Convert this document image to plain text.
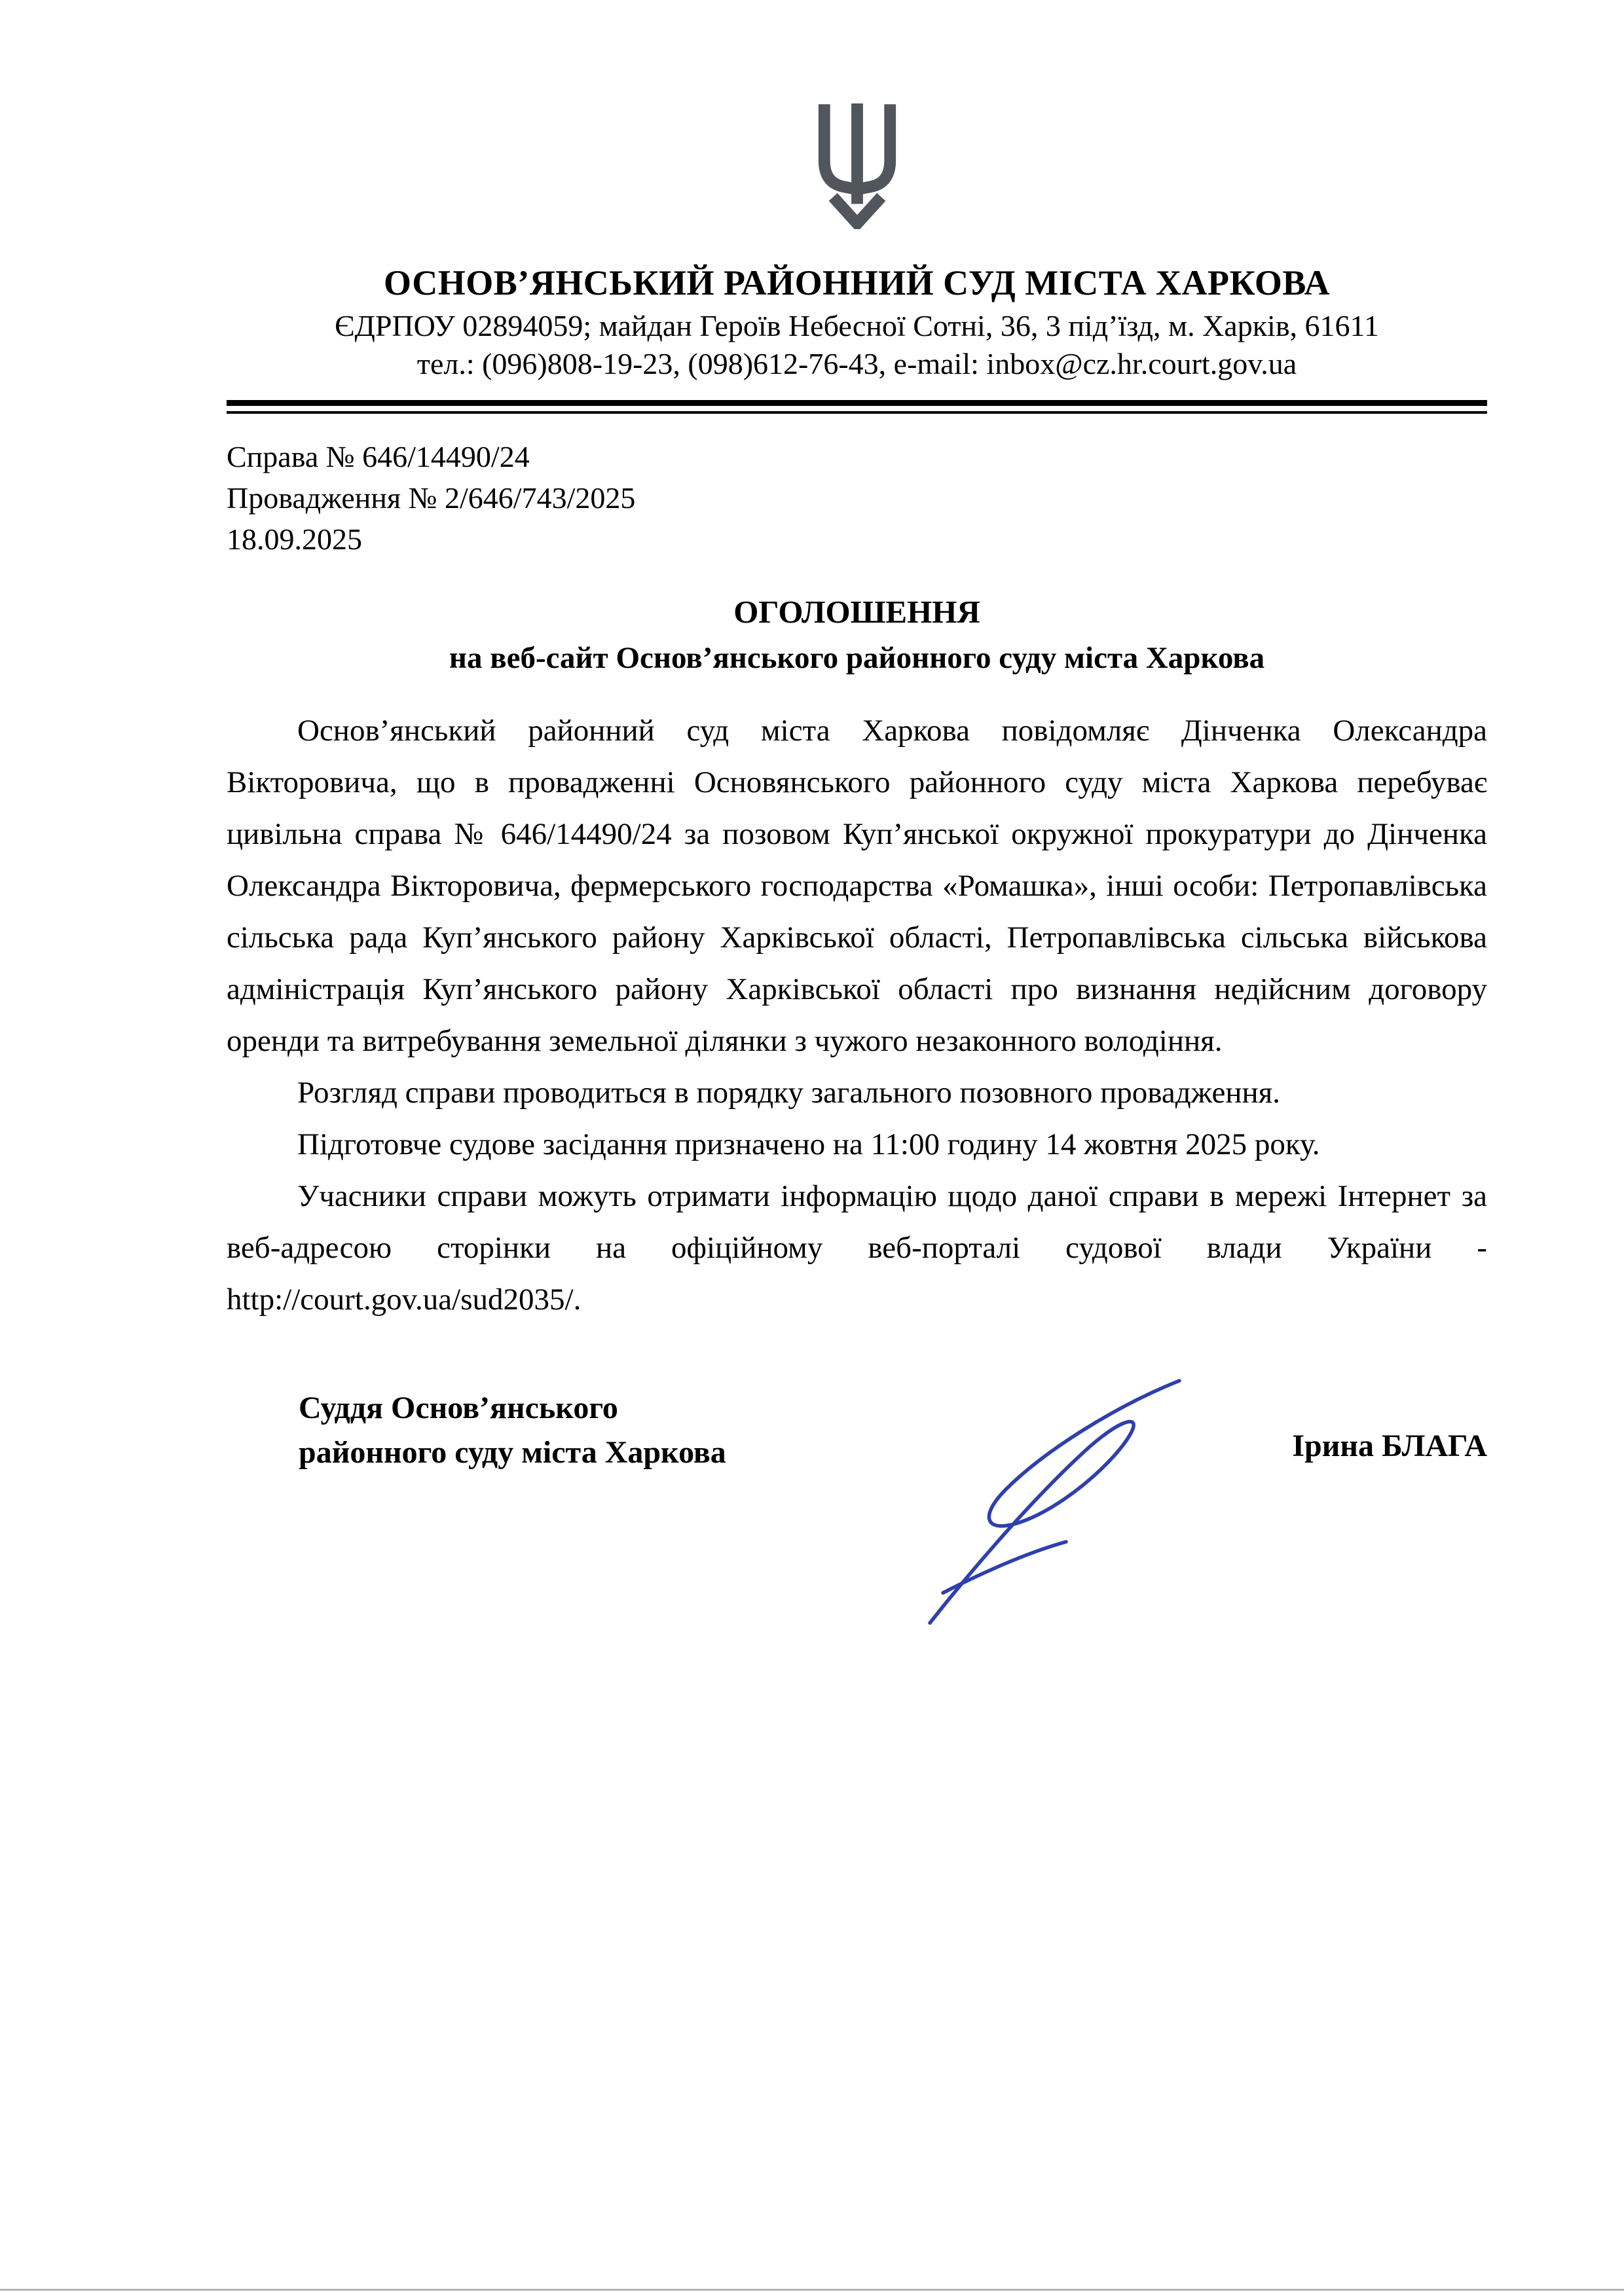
ОСНОВ’ЯНСЬКИЙ РАЙОННИЙ СУД МІСТА ХАРКОВА
ЄДРПОУ 02894059; майдан Героїв Небесної Сотні, 36, 3 під’їзд, м. Харків, 61611
тел.: (096)808-19-23, (098)612-76-43, e-mail: inbox@cz.hr.court.gov.ua
Справа № 646/14490/24
Провадження № 2/646/743/2025
18.09.2025
ОГОЛОШЕННЯ
на веб-сайт Основ’янського районного суду міста Харкова

Основ’янський районний суд міста Харкова повідомляє Дінченка Олександра Вікторовича, що в провадженні Основянського районного суду міста Харкова перебуває цивільна справа № 646/14490/24 за позовом Куп’янської окружної прокуратури до Дінченка Олександра Вікторовича, фермерського господарства «Ромашка», інші особи: Петропавлівська сільська рада Куп’янського району Харківської області, Петропавлівська сільська військова адміністрація Куп’янського району Харківської області про визнання недійсним договору оренди та витребування земельної ділянки з чужого незаконного володіння.

Розгляд справи проводиться в порядку загального позовного провадження.

Підготовче судове засідання призначено на 11:00 годину 14 жовтня 2025 року.

Учасники справи можуть отримати інформацію щодо даної справи в мережі Інтернет за веб-адресою сторінки на офіційному веб-порталі судової влади України - http://court.gov.ua/sud2035/.

Суддя Основ’янського
районного суду міста Харкова	Ірина БЛАГА
